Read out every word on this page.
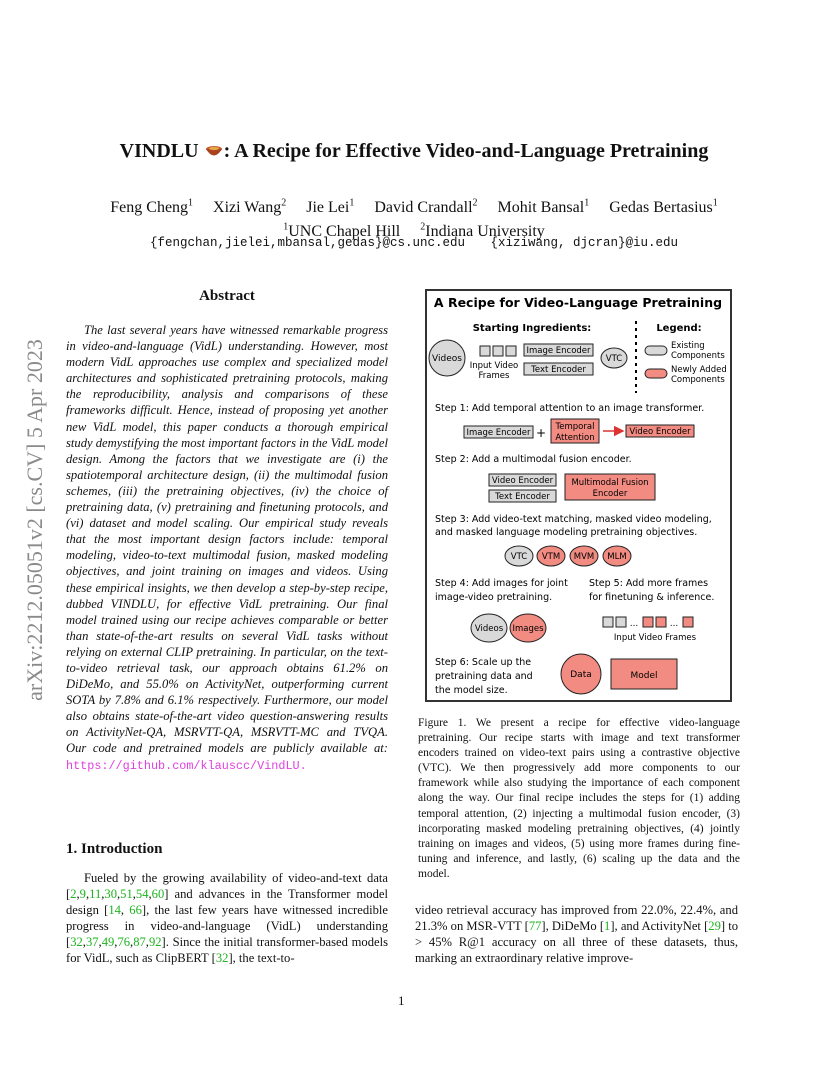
arXiv:2212.05051v2 [cs.CV] 5 Apr 2023
VINDLU : A Recipe for Effective Video-and-Language Pretraining
Feng Cheng$^1$ Xizi Wang$^2$ Jie Lei$^1$ David Crandall$^2$ Mohit Bansal$^1$ Gedas Bertasius$^1$
$^1$UNC Chapel Hill $^2$Indiana University
{fengchan,jielei,mbansal,gedas}@cs.unc.edu {xiziwang, djcran}@iu.edu
Abstract

The last several years have witnessed remarkable progress in video-and-language (VidL) understanding. However, most modern VidL approaches use complex and specialized model architectures and sophisticated pretraining protocols, making the reproducibility, analysis and comparisons of these frameworks difficult. Hence, instead of proposing yet another new VidL model, this paper conducts a thorough empirical study demystifying the most important factors in the VidL model design. Among the factors that we investigate are (i) the spatiotemporal architecture design, (ii) the multimodal fusion schemes, (iii) the pretraining objectives, (iv) the choice of pretraining data, (v) pretraining and finetuning protocols, and (vi) dataset and model scaling. Our empirical study reveals that the most important design factors include: temporal modeling, video-to-text multimodal fusion, masked modeling objectives, and joint training on images and videos. Using these empirical insights, we then develop a step-by-step recipe, dubbed VINDLU, for effective VidL pretraining. Our final model trained using our recipe achieves comparable or better than state-of-the-art results on several VidL tasks without relying on external CLIP pretraining. In particular, on the text-to-video retrieval task, our approach obtains 61.2% on DiDeMo, and 55.0% on ActivityNet, outperforming current SOTA by 7.8% and 6.1% respectively. Furthermore, our model also obtains state-of-the-art video question-answering results on ActivityNet-QA, MSRVTT-QA, MSRVTT-MC and TVQA. Our code and pretrained models are publicly available at: https://github.com/klauscc/VindLU.

1. Introduction

Fueled by the growing availability of video-and-text data [2,9,11,30,51,54,60] and advances in the Transformer model design [14, 66], the last few years have witnessed incredible progress in video-and-language (VidL) understanding [32,37,49,76,87,92]. Since the initial transformer-based models for VidL, such as ClipBERT [32], the text-to-

video retrieval accuracy has improved from 22.0%, 22.4%, and 21.3% on MSR-VTT [77], DiDeMo [1], and ActivityNet [29] to > 45% R@1 accuracy on all three of these datasets, thus, marking an extraordinary relative improve-

A Recipe for Video-Language Pretraining
Starting Ingredients:	Legend:
Videos
Input Video
Frames
Image Encoder
Text Encoder
VTC
Existing
Components
Newly Added
Components
Step 1: Add temporal attention to an image transformer.
Image Encoder + Temporal
Attention
Video Encoder
Step 2: Add a multimodal fusion encoder.
Video Encoder
Text Encoder
Multimodal Fusion
Encoder
Step 3: Add video-text matching, masked video modeling,
and masked language modeling pretraining objectives.
VTC VTM MVM MLM
Step 4: Add images for joint
image-video pretraining.
Videos Images
Step 5: Add more frames
for finetuning & inference.
...	...
Input Video Frames
Step 6: Scale up the
pretraining data and
the model size.
Data	Model
Figure 1. We present a recipe for effective video-language pretraining. Our recipe starts with image and text transformer encoders trained on video-text pairs using a contrastive objective (VTC). We then progressively add more components to our framework while also studying the importance of each component along the way. Our final recipe includes the steps for (1) adding temporal attention, (2) injecting a multimodal fusion encoder, (3) incorporating masked modeling pretraining objectives, (4) jointly training on images and videos, (5) using more frames during fine-tuning and inference, and lastly, (6) scaling up the data and the model.
1
